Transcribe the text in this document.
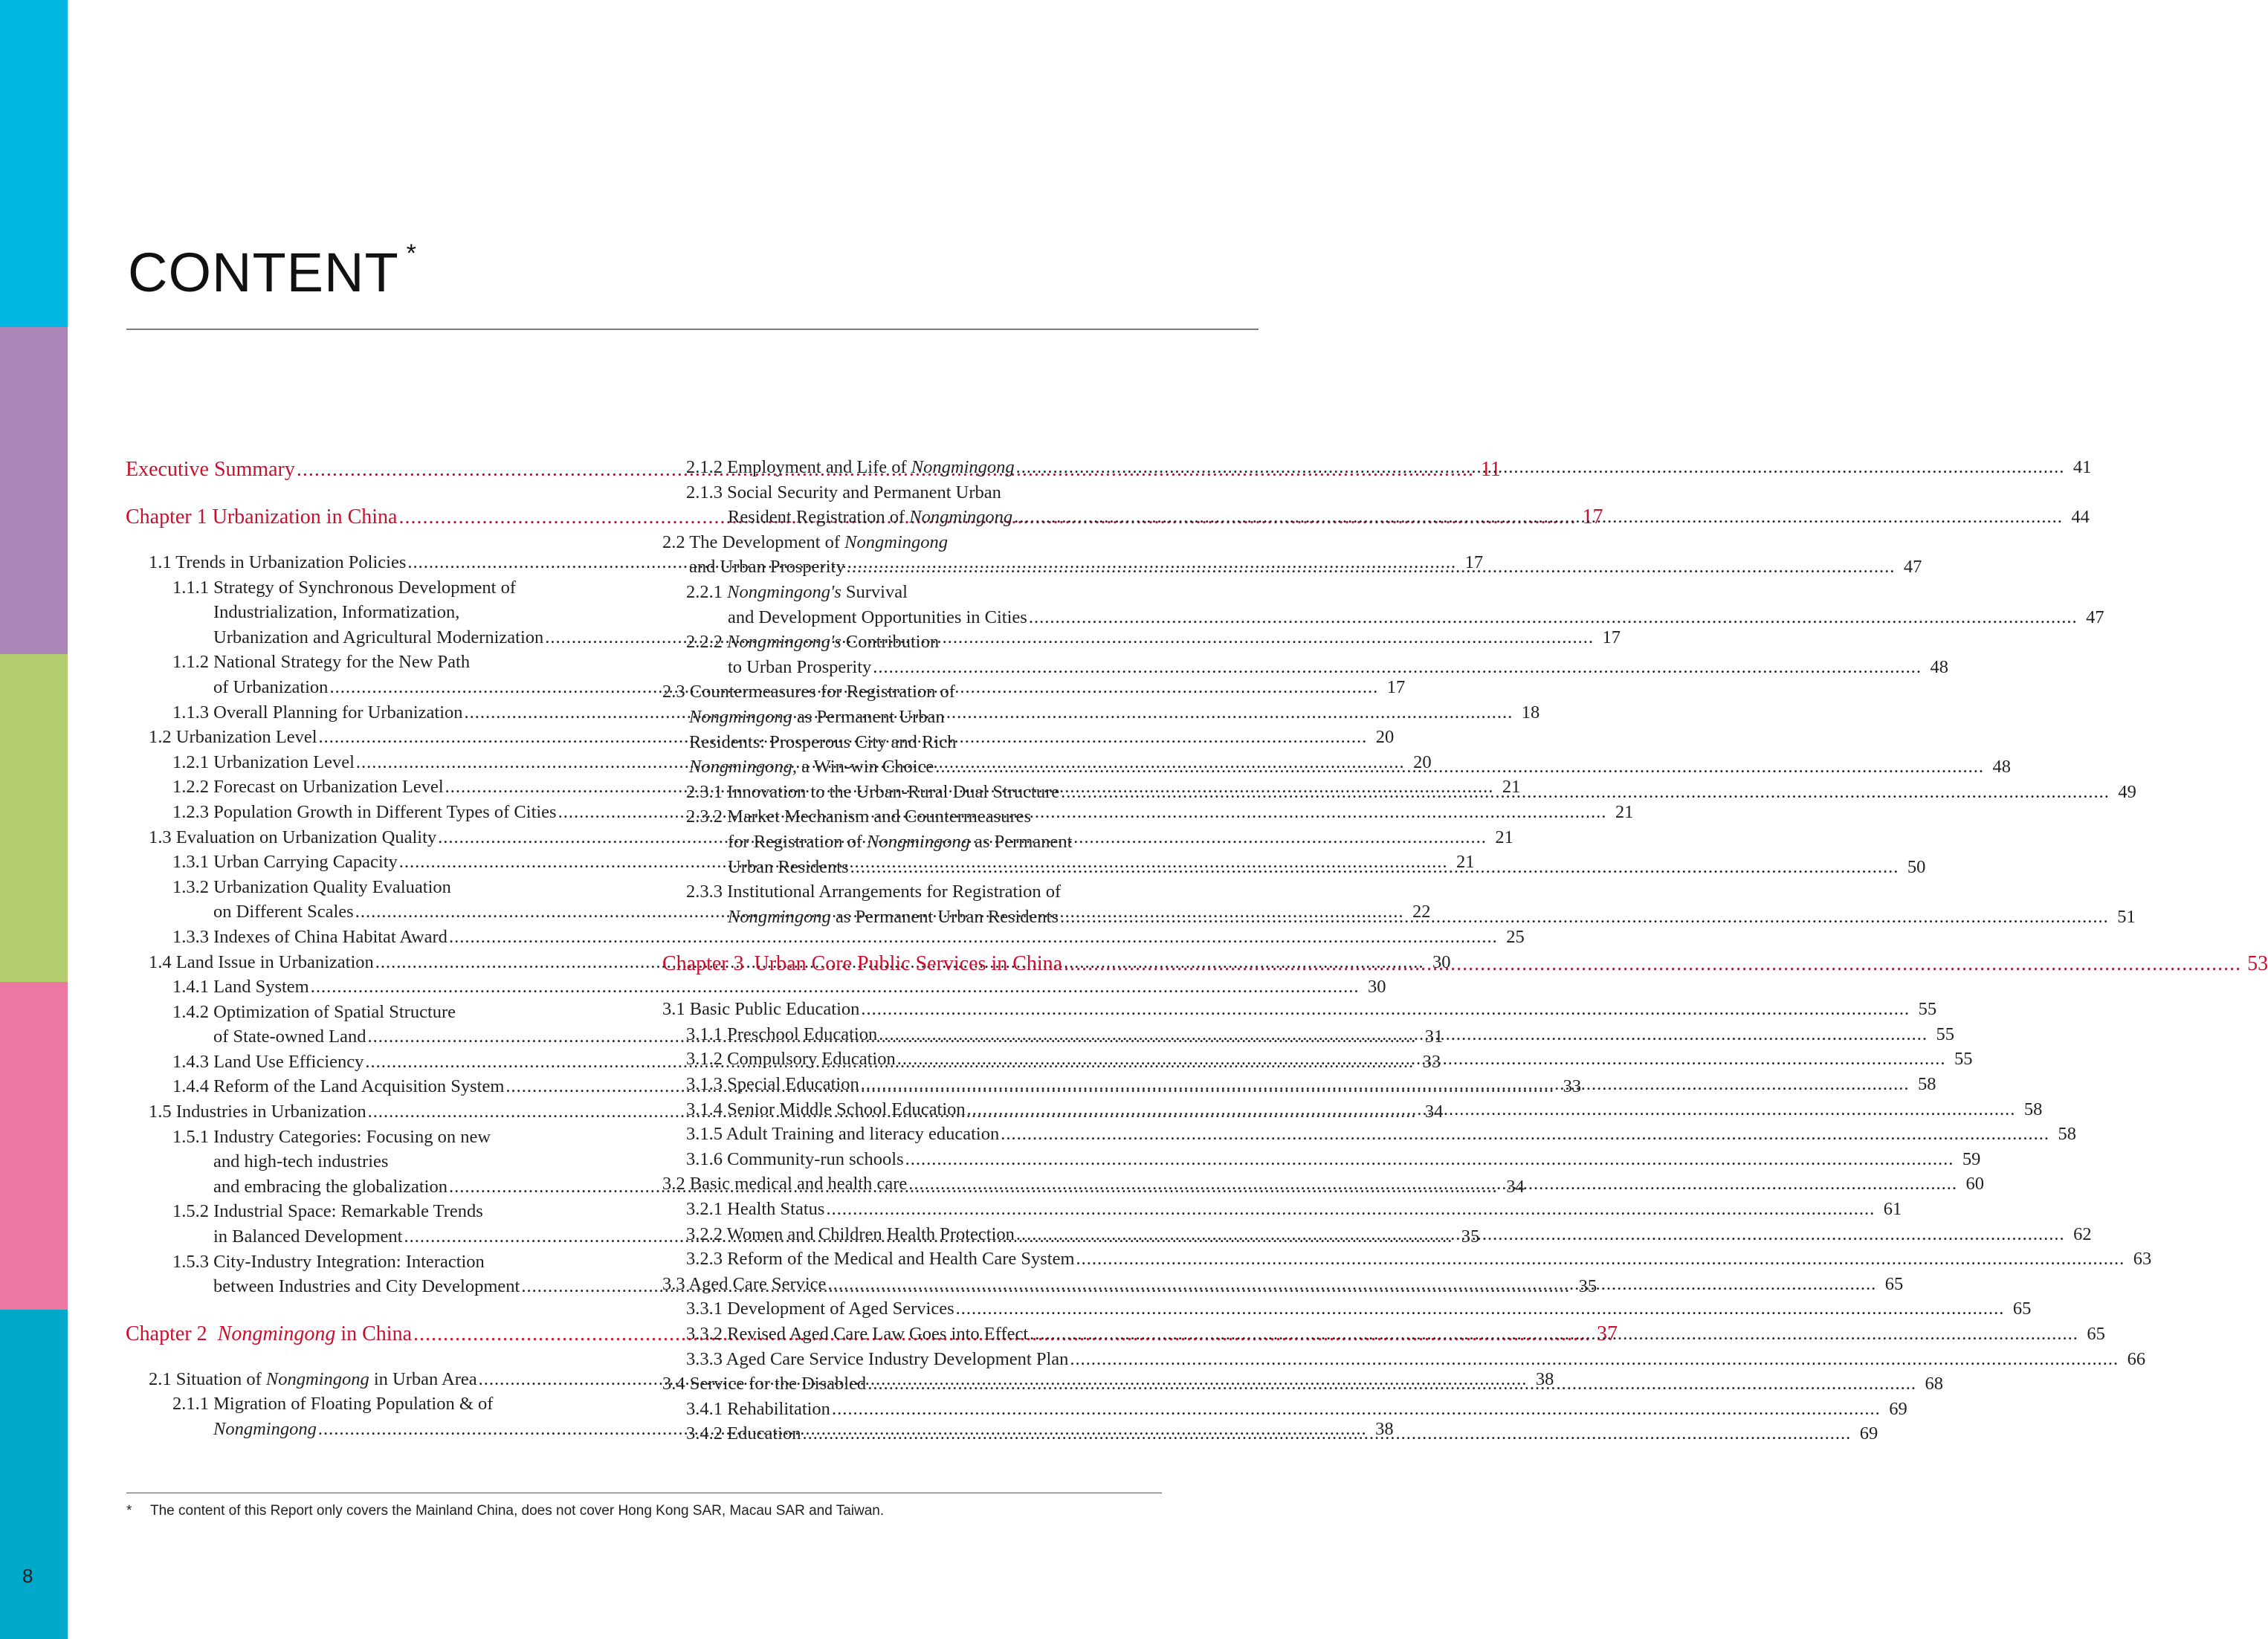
8
CONTENT *
Executive Summary .....	11
Chapter 1 Urbanization in China .....	17
1.1 Trends in Urbanization Policies .....	17
1.1.1 Strategy of Synchronous Development of
Industrialization, Informatization,
Urbanization and Agricultural Modernization .....	17
1.1.2 National Strategy for the New Path
of Urbanization .....	17
1.1.3 Overall Planning for Urbanization .....	18
1.2 Urbanization Level .....	20
1.2.1 Urbanization Level .....	20
1.2.2 Forecast on Urbanization Level .....	21
1.2.3 Population Growth in Different Types of Cities .....	21
1.3 Evaluation on Urbanization Quality .....	21
1.3.1 Urban Carrying Capacity .....	21
1.3.2 Urbanization Quality Evaluation
on Different Scales .....	22
1.3.3 Indexes of China Habitat Award .....	25
1.4 Land Issue in Urbanization .....	30
1.4.1 Land System .....	30
1.4.2 Optimization of Spatial Structure
of State-owned Land .....	31
1.4.3 Land Use Efficiency .....	33
1.4.4 Reform of the Land Acquisition System .....	33
1.5 Industries in Urbanization .....	34
1.5.1 Industry Categories: Focusing on new
and high-tech industries
and embracing the globalization .....	34
1.5.2 Industrial Space: Remarkable Trends
in Balanced Development .....	35
1.5.3 City-Industry Integration: Interaction
between Industries and City Development .....	35
Chapter 2  Nongmingong in China .....	37
2.1 Situation of Nongmingong in Urban Area .....	38
2.1.1 Migration of Floating Population & of
Nongmingong .....	38
2.1.2 Employment and Life of Nongmingong .....	41
2.1.3 Social Security and Permanent Urban
Resident Registration of Nongmingong .....	44
2.2 The Development of Nongmingong
and Urban Prosperity .....	47
2.2.1 Nongmingong's Survival
and Development Opportunities in Cities .....	47
2.2.2 Nongmingong's Contribution
to Urban Prosperity .....	48
2.3 Countermeasures for Registration of
Nongmingong as Permanent Urban
Residents: Prosperous City and Rich
Nongmingong, a Win-win Choice .....	48
2.3.1 Innovation to the Urban-Rural Dual Structure .....	49
2.3.2 Market Mechanism and Countermeasures
for Registration of Nongmingong as Permanent
Urban Residents .....	50
2.3.3 Institutional Arrangements for Registration of
Nongmingong as Permanent Urban Residents .....	51
Chapter 3  Urban Core Public Services in China .....	53
3.1 Basic Public Education .....	55
3.1.1 Preschool Education .....	55
3.1.2 Compulsory Education .....	55
3.1.3 Special Education .....	58
3.1.4 Senior Middle School Education .....	58
3.1.5 Adult Training and literacy education .....	58
3.1.6 Community-run schools .....	59
3.2 Basic medical and health care .....	60
3.2.1 Health Status .....	61
3.2.2 Women and Children Health Protection .....	62
3.2.3 Reform of the Medical and Health Care System .....	63
3.3 Aged Care Service .....	65
3.3.1 Development of Aged Services .....	65
3.3.2 Revised Aged Care Law Goes into Effect .....	65
3.3.3 Aged Care Service Industry Development Plan .....	66
3.4 Service for the Disabled .....	68
3.4.1 Rehabilitation .....	69
3.4.2 Education .....	69
* The content of this Report only covers the Mainland China, does not cover Hong Kong SAR, Macau SAR and Taiwan.
